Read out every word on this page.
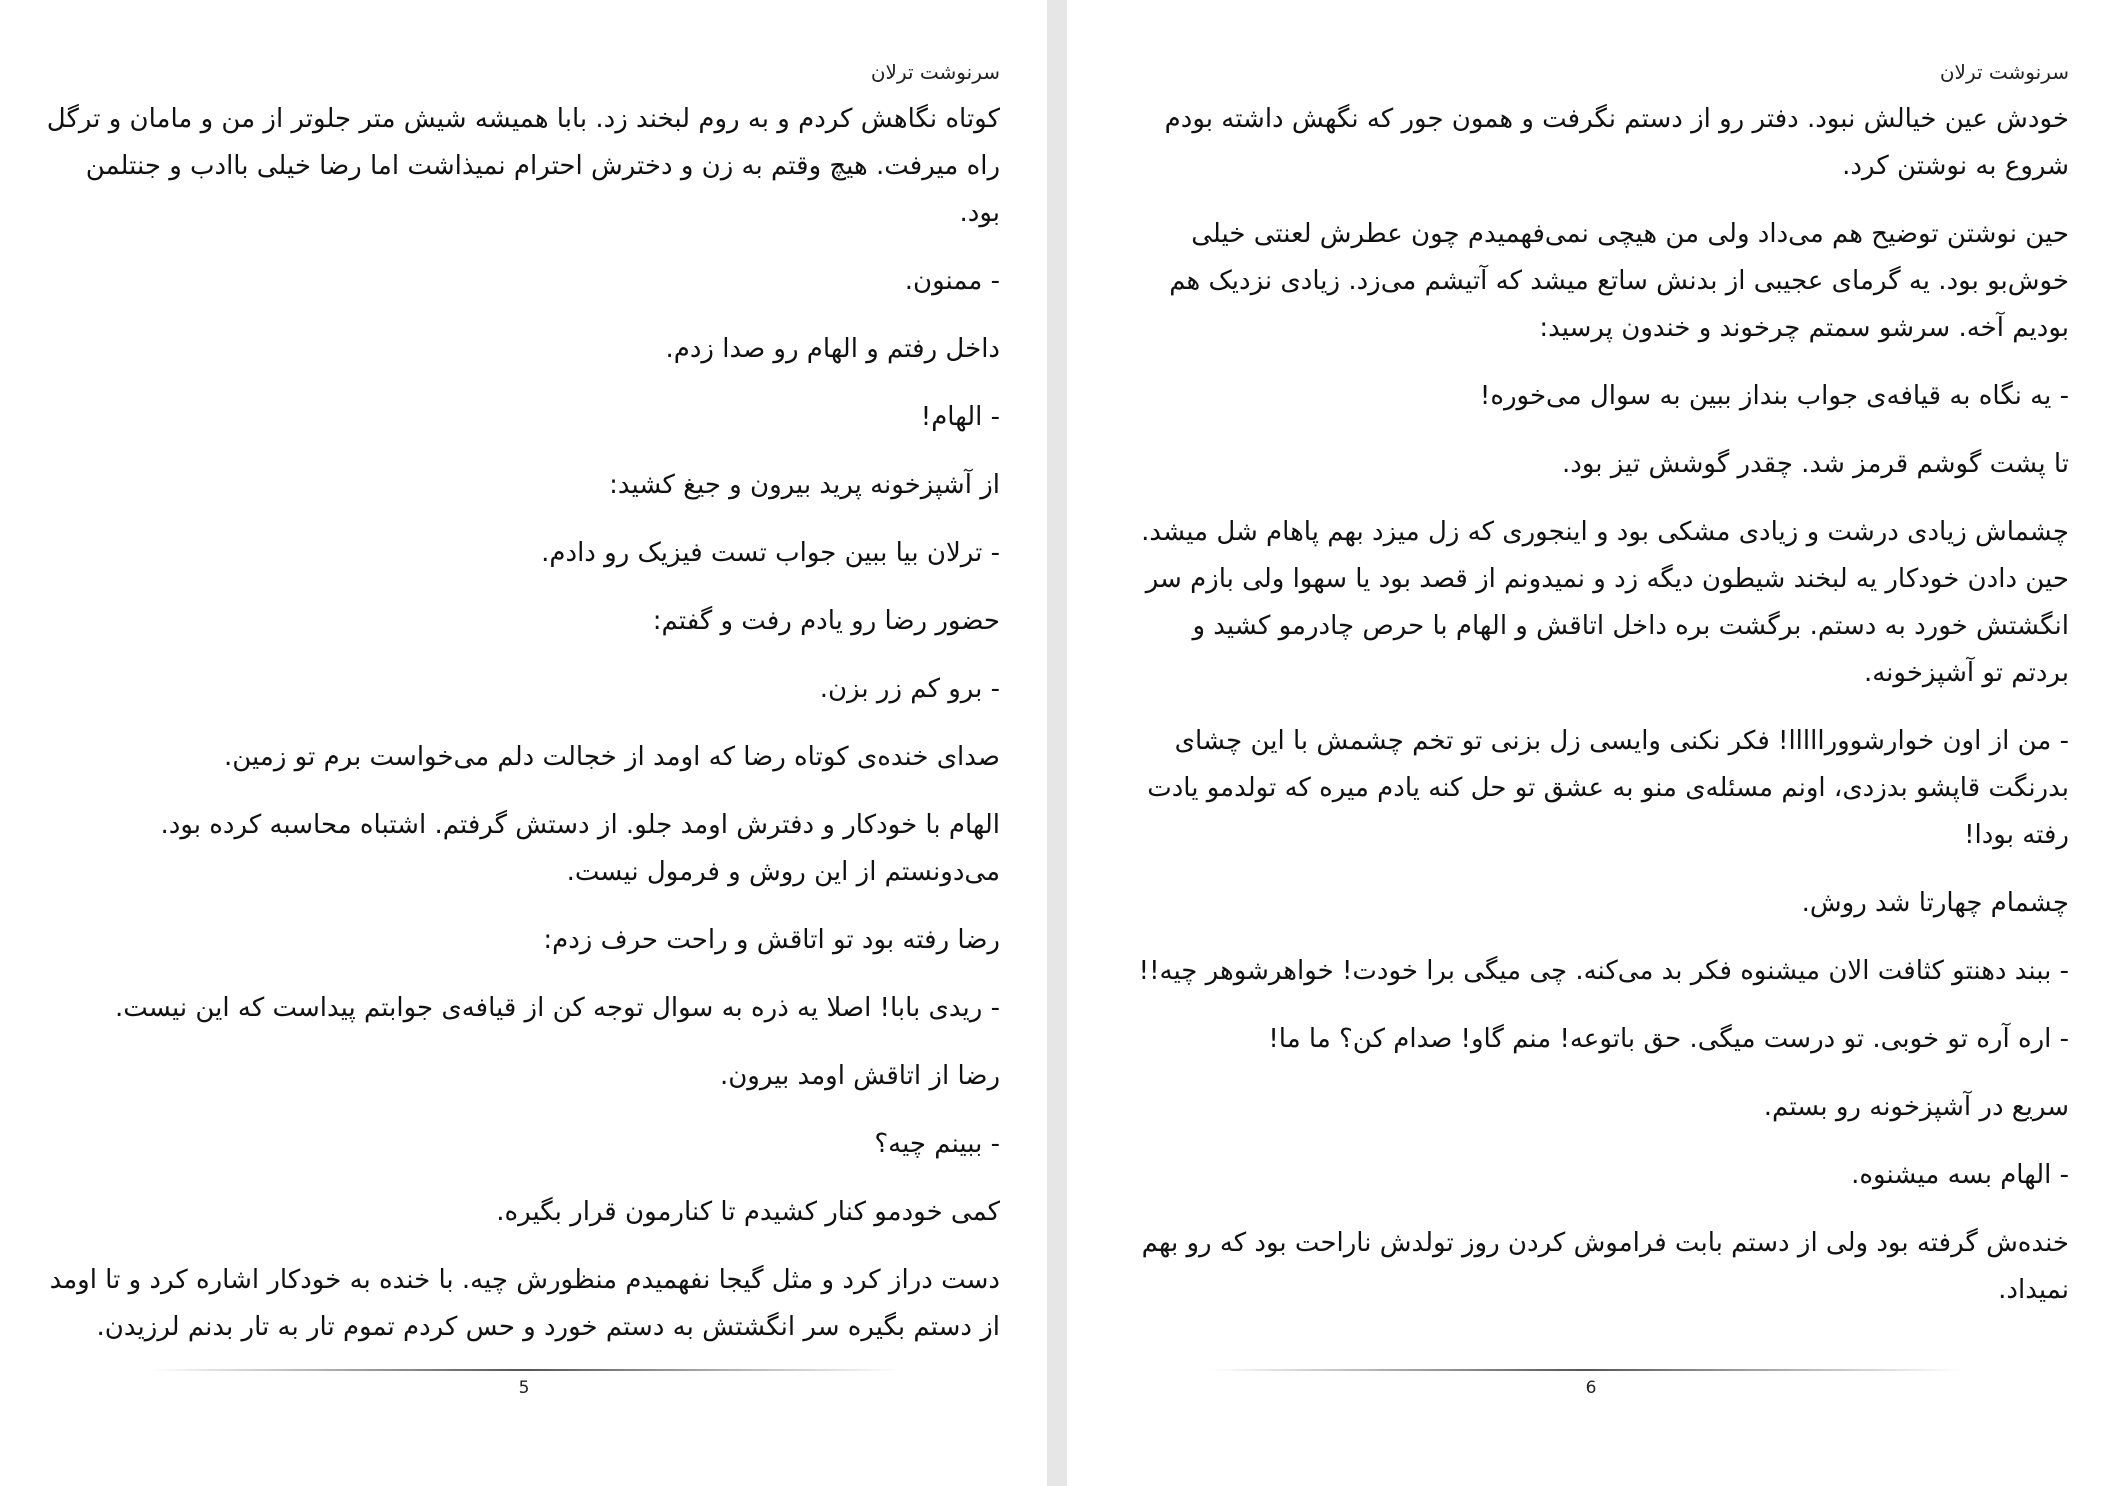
سرنوشت ترلان

کوتاه نگاهش کردم و به روم لبخند زد. بابا همیشه شیش متر جلوتر از من و مامان و ترگل راه میرفت. هیچ وقتم به زن و دخترش احترام نمیذاشت اما رضا خیلی باادب و جنتلمن بود.

- ممنون.

داخل رفتم و الهام رو صدا زدم.

- الهام!

از آشپزخونه پرید بیرون و جیغ کشید:

- ترلان بیا ببین جواب تست فیزیک رو دادم.

حضور رضا رو یادم رفت و گفتم:

- برو کم زر بزن.

صدای خنده‌ی کوتاه رضا که اومد از خجالت دلم می‌خواست برم تو زمین.

الهام با خودکار و دفترش اومد جلو. از دستش گرفتم. اشتباه محاسبه کرده بود. می‌دونستم از این روش و فرمول نیست.

رضا رفته بود تو اتاقش و راحت حرف زدم:

- ریدی بابا! اصلا یه ذره به سوال توجه کن از قیافه‌ی جوابتم پیداست که این نیست.

رضا از اتاقش اومد بیرون.

- ببینم چیه؟

کمی خودمو کنار کشیدم تا کنارمون قرار بگیره.

دست دراز کرد و مثل گیجا نفهمیدم منظورش چیه. با خنده به خودکار اشاره کرد و تا اومد از دستم بگیره سر انگشتش به دستم خورد و حس کردم تموم تار به تار بدنم لرزیدن.

5
سرنوشت ترلان

خودش عین خیالش نبود. دفتر رو از دستم نگرفت و همون جور که نگهش داشته بودم شروع به نوشتن کرد.

حین نوشتن توضیح هم می‌داد ولی من هیچی نمی‌فهمیدم چون عطرش لعنتی خیلی خوش‌بو بود. یه گرمای عجیبی از بدنش ساتع میشد که آتیشم می‌زد. زیادی نزدیک هم بودیم آخه. سرشو سمتم چرخوند و خندون پرسید:

- یه نگاه به قیافه‌ی جواب بنداز ببین به سوال می‌خوره!

تا پشت گوشم قرمز شد. چقدر گوشش تیز بود.

چشماش زیادی درشت و زیادی مشکی بود و اینجوری که زل میزد بهم پاهام شل میشد. حین دادن خودکار یه لبخند شیطون دیگه زد و نمیدونم از قصد بود یا سهوا ولی بازم سر انگشتش خورد به دستم. برگشت بره داخل اتاقش و الهام با حرص چادرمو کشید و بردتم تو آشپزخونه.

- من از اون خوارشوورااااا! فکر نکنی وایسی زل بزنی تو تخم چشمش با این چشای بدرنگت قاپشو بدزدی، اونم مسئله‌ی منو به عشق تو حل کنه یادم میره که تولدمو یادت رفته بودا!

چشمام چهارتا شد روش.

- ببند دهنتو کثافت الان میشنوه فکر بد می‌کنه. چی میگی برا خودت! خواهرشوهر چیه!!

- اره آره تو خوبی. تو درست میگی. حق باتوعه! منم گاو! صدام کن؟ ما ما!

سریع در آشپزخونه رو بستم.

- الهام بسه میشنوه.

خنده‌ش گرفته بود ولی از دستم بابت فراموش کردن روز تولدش ناراحت بود که رو بهم نمیداد.

6
